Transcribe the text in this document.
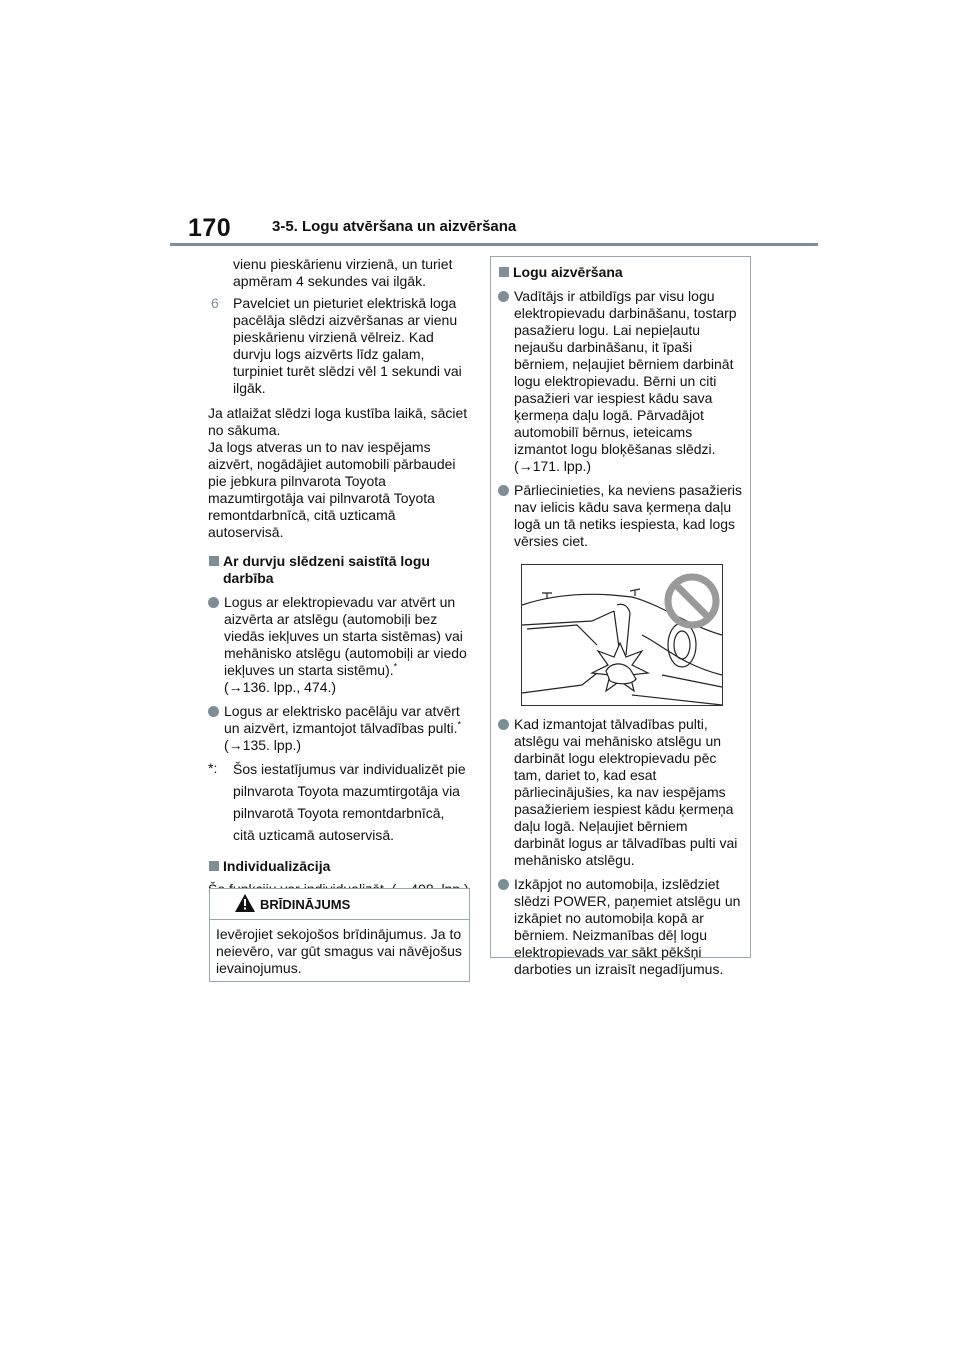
170	3-5. Logu atvēršana un aizvēršana

vienu pieskārienu virzienā, un turiet apmēram 4 sekundes vai ilgāk.

6 Pavelciet un pieturiet elektriskā loga pacēlāja slēdzi aizvēršanas ar vienu pieskārienu virzienā vēlreiz. Kad durvju logs aizvērts līdz galam, turpiniet turēt slēdzi vēl 1 sekundi vai ilgāk.

Ja atlaižat slēdzi loga kustība laikā, sāciet no sākuma.

Ja logs atveras un to nav iespējams aizvērt, nogādājiet automobili pārbaudei pie jebkura pilnvarota Toyota mazumtirgotāja vai pilnvarotā Toyota remontdarbnīcā, citā uzticamā autoservisā.

Ar durvju slēdzeni saistītā logu darbība
Logus ar elektropievadu var atvērt un aizvērta ar atslēgu (automobiļi bez viedās iekļuves un starta sistēmas) vai mehānisko atslēgu (automobiļi ar viedo iekļuves un starta sistēmu).*
(→136. lpp., 474.)
Logus ar elektrisko pacēlāju var atvērt un aizvērt, izmantojot tālvadības pulti.*
(→135. lpp.)
*: Šos iestatījumus var individualizēt pie pilnvarota Toyota mazumtirgotāja via pilnvarotā Toyota remontdarbnīcā, citā uzticamā autoservisā.
Individualizācija

BRĪDINĀJUMS
Ievērojiet sekojošos brīdinājumus. Ja to neievēro, var gūt smagus vai nāvējošus ievainojumus.
Logu aizvēršana
Vadītājs ir atbildīgs par visu logu elektropievadu darbināšanu, tostarp pasažieru logu. Lai nepieļautu nejaušu darbināšanu, it īpaši bērniem, neļaujiet bērniem darbināt logu elektropievadu. Bērni un citi pasažieri var iespiest kādu sava ķermeņa daļu logā. Pārvadājot automobilī bērnus, ieteicams izmantot logu bloķēšanas slēdzi. (→171. lpp.)
Pārliecinieties, ka neviens pasažieris nav ielicis kādu sava ķermeņa daļu logā un tā netiks iespiesta, kad logs vērsies ciet.
Kad izmantojat tālvadības pulti, atslēgu vai mehānisko atslēgu un darbināt logu elektropievadu pēc tam, dariet to, kad esat pārliecinājušies, ka nav iespējams pasažieriem iespiest kādu ķermeņa daļu logā. Neļaujiet bērniem darbināt logus ar tālvadības pulti vai mehānisko atslēgu.
Izkāpjot no automobiļa, izslēdziet slēdzi POWER, paņemiet atslēgu un izkāpiet no automobiļa kopā ar bērniem. Neizmanības dēļ logu elektropievads var sākt pēkšņi darboties un izraisīt negadījumus.
